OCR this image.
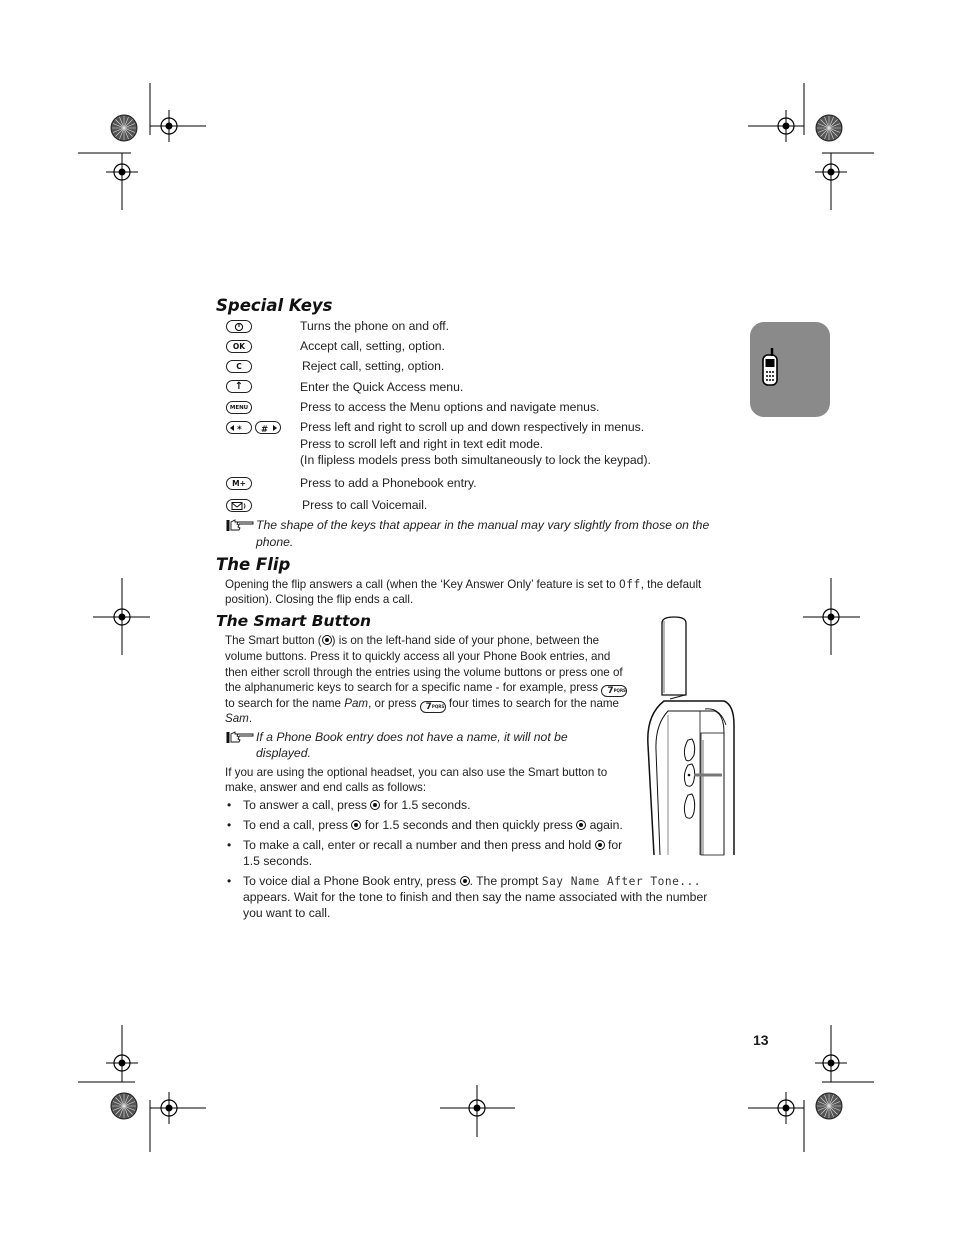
Special Keys
OK
C
↑
MENU
* #
M+
Turns the phone on and off.
Accept call, setting, option.
Reject call, setting, option.
Enter the Quick Access menu.
Press to access the Menu options and navigate menus.
Press left and right to scroll up and down respectively in menus.
Press to scroll left and right in text edit mode.
(In flipless models press both simultaneously to lock the keypad).
Press to add a Phonebook entry.
Press to call Voicemail.
The shape of the keys that appear in the manual may vary slightly from those on the
phone.
The Flip
Opening the flip answers a call (when the ‘Key Answer Only’ feature is set to Off, the default
position). Closing the flip ends a call.
The Smart Button
The Smart button ( ) is on the left-hand side of your phone, between the
volume buttons. Press it to quickly access all your Phone Book entries, and
then either scroll through the entries using the volume buttons or press one of
the alphanumeric keys to search for a specific name - for example, press 7PQRS
to search for the name Pam, or press 7PQRS four times to search for the name
Sam.
If a Phone Book entry does not have a name, it will not be
displayed.
If you are using the optional headset, you can also use the Smart button to
make, answer and end calls as follows:
• To answer a call, press for 1.5 seconds.
• To end a call, press for 1.5 seconds and then quickly press again.
• To make a call, enter or recall a number and then press and hold for
1.5 seconds.
• To voice dial a Phone Book entry, press . The prompt Say Name After Tone...
appears. Wait for the tone to finish and then say the name associated with the number
you want to call.
13
